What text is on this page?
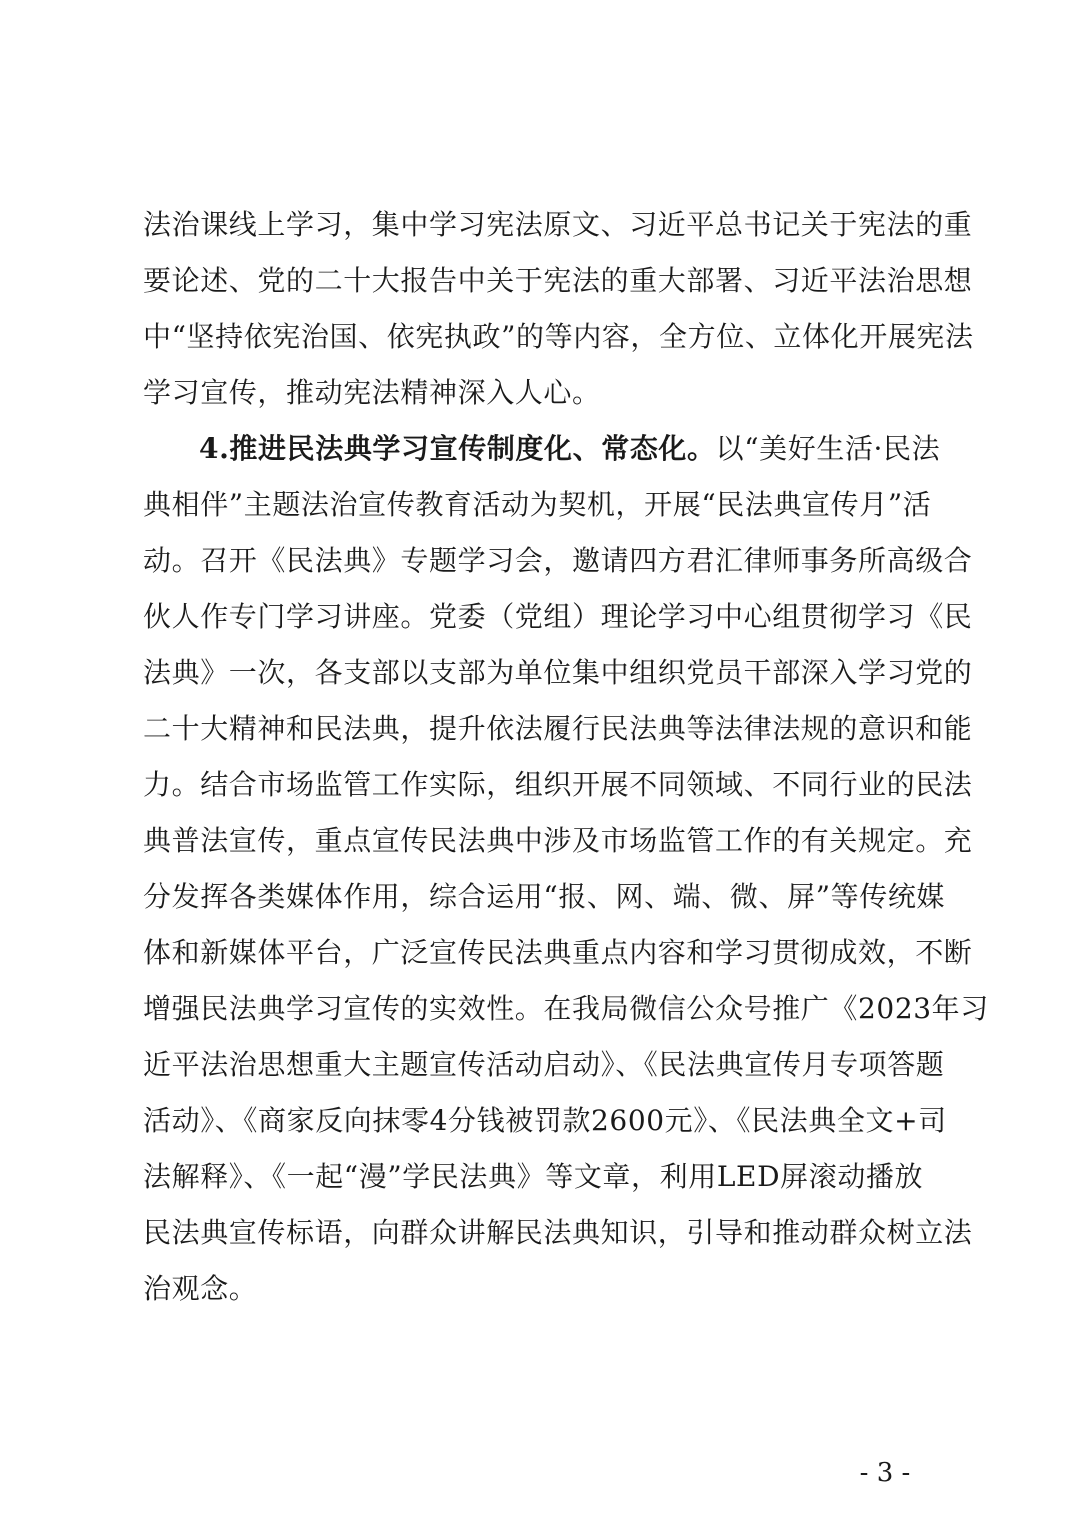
法治课线上学习，集中学习宪法原文、习近平总书记关于宪法的重
要论述、党的二十大报告中关于宪法的重大部署、习近平法治思想
中“坚持依宪治国、依宪执政”的等内容，全方位、立体化开展宪法
学习宣传，推动宪法精神深入人心。
4.推进民法典学习宣传制度化、常态化。以“美好生活·民法
典相伴”主题法治宣传教育活动为契机，开展“民法典宣传月”活
动。召开《民法典》专题学习会，邀请四方君汇律师事务所高级合
伙人作专门学习讲座。党委（党组）理论学习中心组贯彻学习《民
法典》一次，各支部以支部为单位集中组织党员干部深入学习党的
二十大精神和民法典，提升依法履行民法典等法律法规的意识和能
力。结合市场监管工作实际，组织开展不同领域、不同行业的民法
典普法宣传，重点宣传民法典中涉及市场监管工作的有关规定。充
分发挥各类媒体作用，综合运用“报、网、端、微、屏”等传统媒
体和新媒体平台，广泛宣传民法典重点内容和学习贯彻成效，不断
增强民法典学习宣传的实效性。在我局微信公众号推广《2023年习
近平法治思想重大主题宣传活动启动》、《民法典宣传月专项答题
活动》、《商家反向抹零4分钱被罚款2600元》、《民法典全文+司
法解释》、《一起“漫”学民法典》等文章，利用LED屏滚动播放
民法典宣传标语，向群众讲解民法典知识，引导和推动群众树立法
治观念。
- 3 -
